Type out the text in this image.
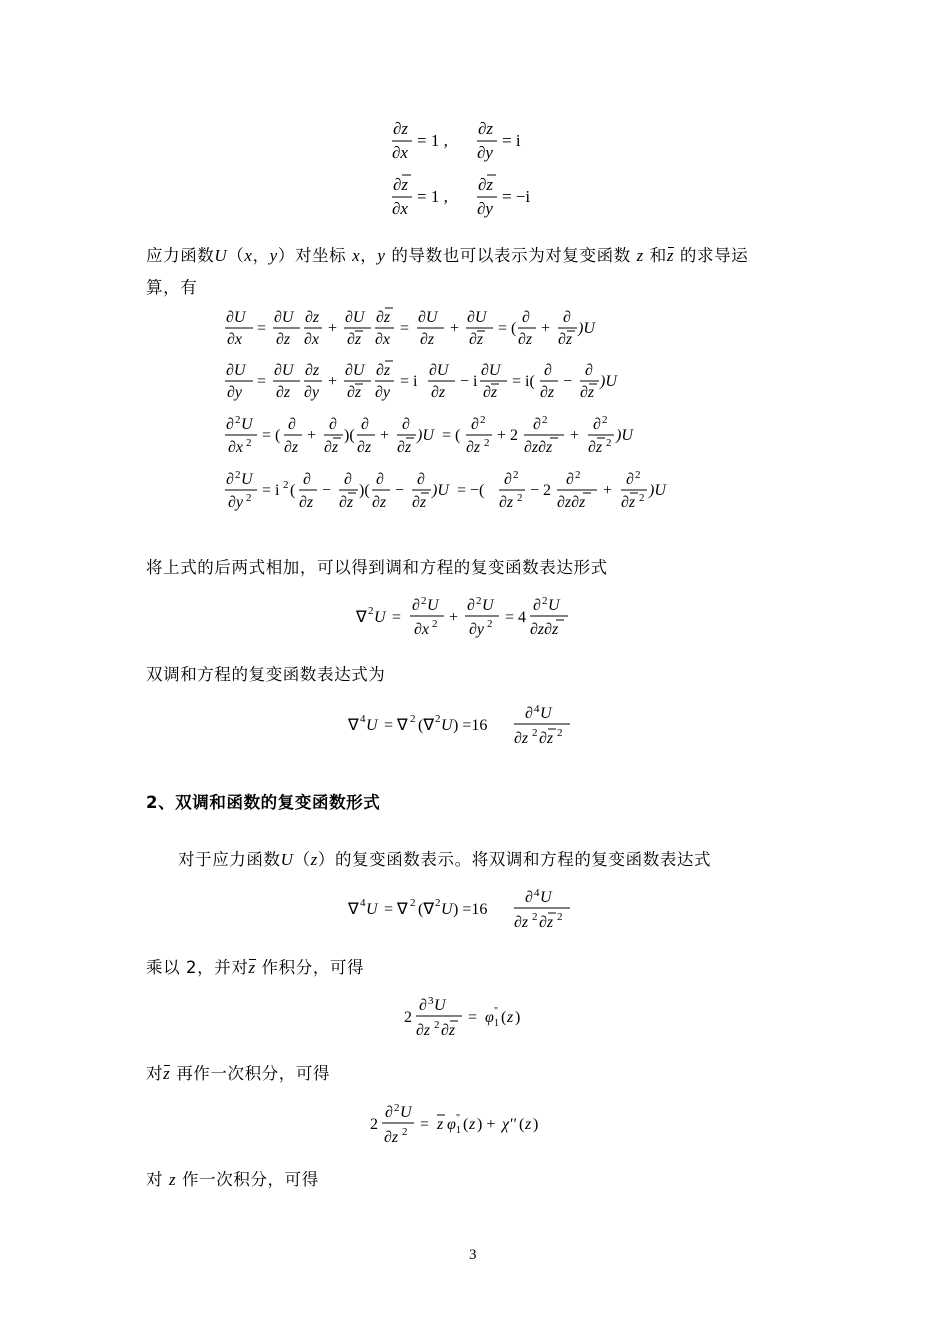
∂z
∂x
= 1 ,
∂z
∂y
= i
∂z
∂x
= 1 ,
∂z
∂y
= −i
应力函数U（x，y）对坐标 x，y 的导数也可以表示为对复变函数 z 和z 的求导运
算，有
∂U
∂x
=
∂U
∂z
∂z
∂x
+
∂U
∂z
∂z
∂x
=
∂U
∂z
+
∂U
∂z
= (
∂
∂z
+
∂
∂z
)U
∂U
∂y
=
∂U
∂z
∂z
∂y
+
∂U
∂z
∂z
∂y
= i
∂U
∂z
− i
∂U
∂z
= i(
∂
∂z
−
∂
∂z
)U
∂ 2 U
∂x 2 = (
∂
∂z
+
∂
∂z
)(
∂
∂z
+
∂
∂z
)U = (
∂ 2
∂z 2 + 2
∂ 2
∂z∂z
+
∂ 2
∂z 2 )U
∂ 2 U
∂y 2 = i 2 (
∂
∂z
−
∂
∂z
)(
∂
∂z
−
∂
∂z
)U = −(
∂ 2
∂z 2 − 2
∂ 2
∂z∂z
+
∂ 2
∂z 2 )U
将上式的后两式相加，可以得到调和方程的复变函数表达形式
∇ 2 U =
∂ 2 U
∂x 2 +
∂ 2 U
∂y 2 = 4
∂ 2 U
∂z∂z
双调和方程的复变函数表达式为
∇ 4 U = ∇ 2 (∇ 2 U ) =16
∂ 4 U
∂z 2 ∂z 2
2、双调和函数的复变函数形式
对于应力函数U（z）的复变函数表示。将双调和方程的复变函数表达式
∇ 4 U = ∇ 2 (∇ 2 U ) =16
∂ 4 U
∂z 2 ∂z 2
乘以 2，并对z 作积分，可得
2
∂ 3 U
∂z 2 ∂z
= φ 1
" ( z )
对z 再作一次积分，可得
2
∂ 2 U
∂z 2 = z φ 1
" ( z ) + χ'' ( z )
对 z 作一次积分，可得
3
